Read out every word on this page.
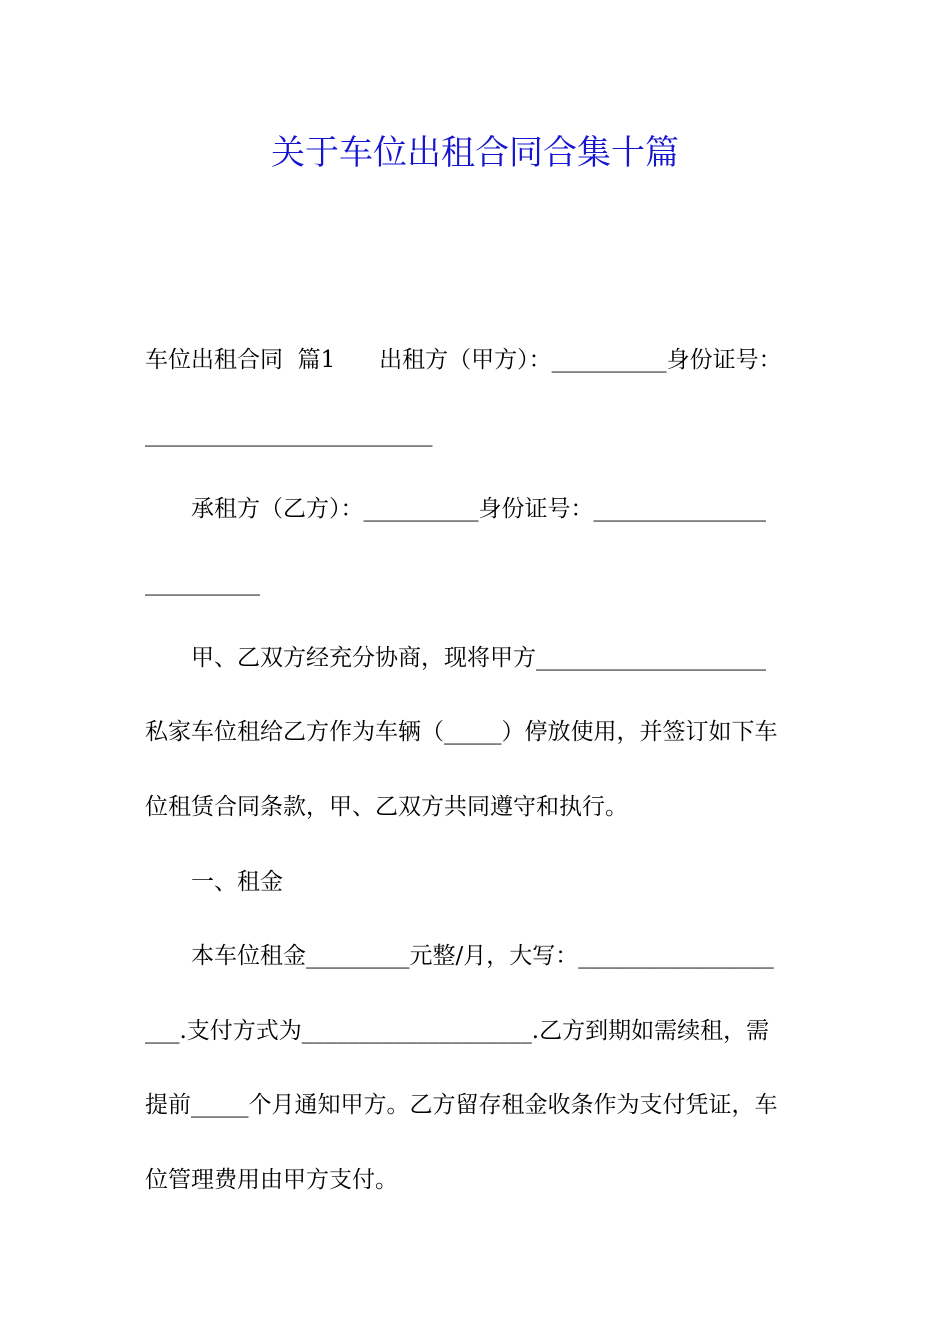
关于车位出租合同合集十篇

车位出租合同  篇1      出租方（甲方）：__________身份证号：

_________________________

承租方（乙方）：__________身份证号：_______________

__________

甲、乙双方经充分协商，现将甲方____________________

私家车位租给乙方作为车辆（_____）停放使用，并签订如下车

位租赁合同条款，甲、乙双方共同遵守和执行。

一、租金

本车位租金_________元整/月，大写：_________________

___.支付方式为____________________.乙方到期如需续租，需

提前_____个月通知甲方。乙方留存租金收条作为支付凭证，车

位管理费用由甲方支付。
